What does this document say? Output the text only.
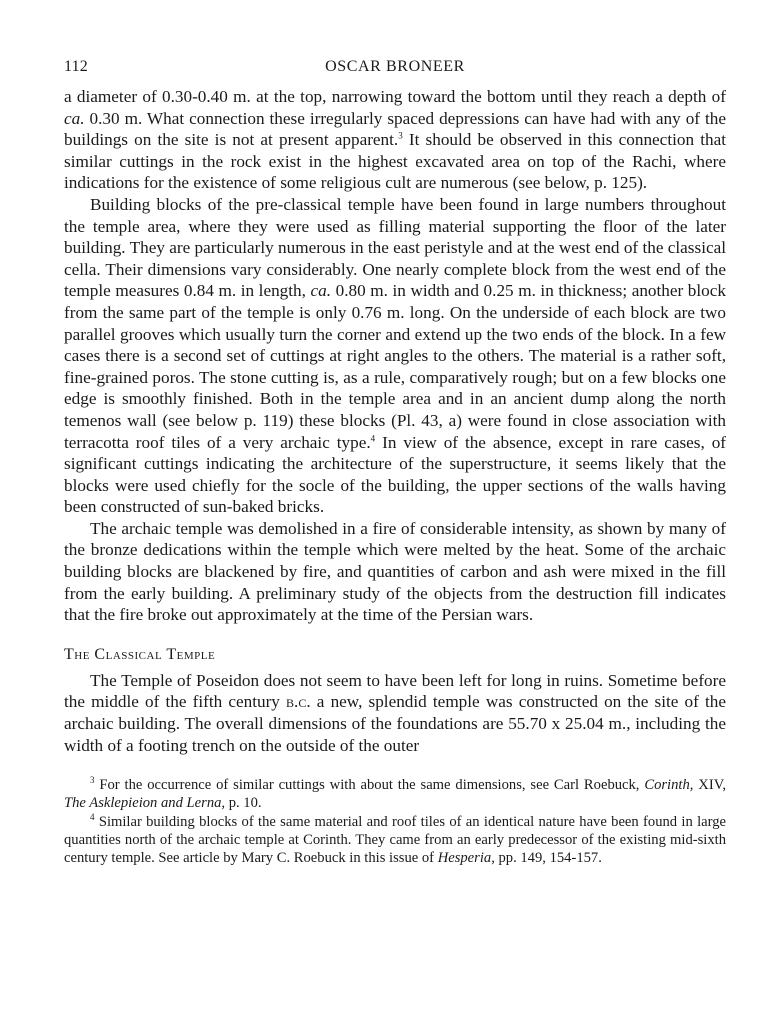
112	OSCAR BRONEER

a diameter of 0.30-0.40 m. at the top, narrowing toward the bottom until they reach a depth of ca. 0.30 m. What connection these irregularly spaced depressions can have had with any of the buildings on the site is not at present apparent.$^3$ It should be observed in this connection that similar cuttings in the rock exist in the highest excavated area on top of the Rachi, where indications for the existence of some religious cult are numerous (see below, p. 125).

Building blocks of the pre-classical temple have been found in large numbers throughout the temple area, where they were used as filling material supporting the floor of the later building. They are particularly numerous in the east peristyle and at the west end of the classical cella. Their dimensions vary considerably. One nearly complete block from the west end of the temple measures 0.84 m. in length, ca. 0.80 m. in width and 0.25 m. in thickness; another block from the same part of the temple is only 0.76 m. long. On the underside of each block are two parallel grooves which usually turn the corner and extend up the two ends of the block. In a few cases there is a second set of cuttings at right angles to the others. The material is a rather soft, fine-grained poros. The stone cutting is, as a rule, comparatively rough; but on a few blocks one edge is smoothly finished. Both in the temple area and in an ancient dump along the north temenos wall (see below p. 119) these blocks (Pl. 43, a) were found in close association with terracotta roof tiles of a very archaic type.$^4$ In view of the absence, except in rare cases, of significant cuttings indicating the architecture of the superstructure, it seems likely that the blocks were used chiefly for the socle of the building, the upper sections of the walls having been constructed of sun-baked bricks.

The archaic temple was demolished in a fire of considerable intensity, as shown by many of the bronze dedications within the temple which were melted by the heat. Some of the archaic building blocks are blackened by fire, and quantities of carbon and ash were mixed in the fill from the early building. A preliminary study of the objects from the destruction fill indicates that the fire broke out approximately at the time of the Persian wars.

The Classical Temple

The Temple of Poseidon does not seem to have been left for long in ruins. Sometime before the middle of the fifth century b.c. a new, splendid temple was constructed on the site of the archaic building. The overall dimensions of the foundations are 55.70 x 25.04 m., including the width of a footing trench on the outside of the outer

$^3$ For the occurrence of similar cuttings with about the same dimensions, see Carl Roebuck, Corinth, XIV, The Asklepieion and Lerna, p. 10.

$^4$ Similar building blocks of the same material and roof tiles of an identical nature have been found in large quantities north of the archaic temple at Corinth. They came from an early predecessor of the existing mid-sixth century temple. See article by Mary C. Roebuck in this issue of Hesperia, pp. 149, 154-157.
